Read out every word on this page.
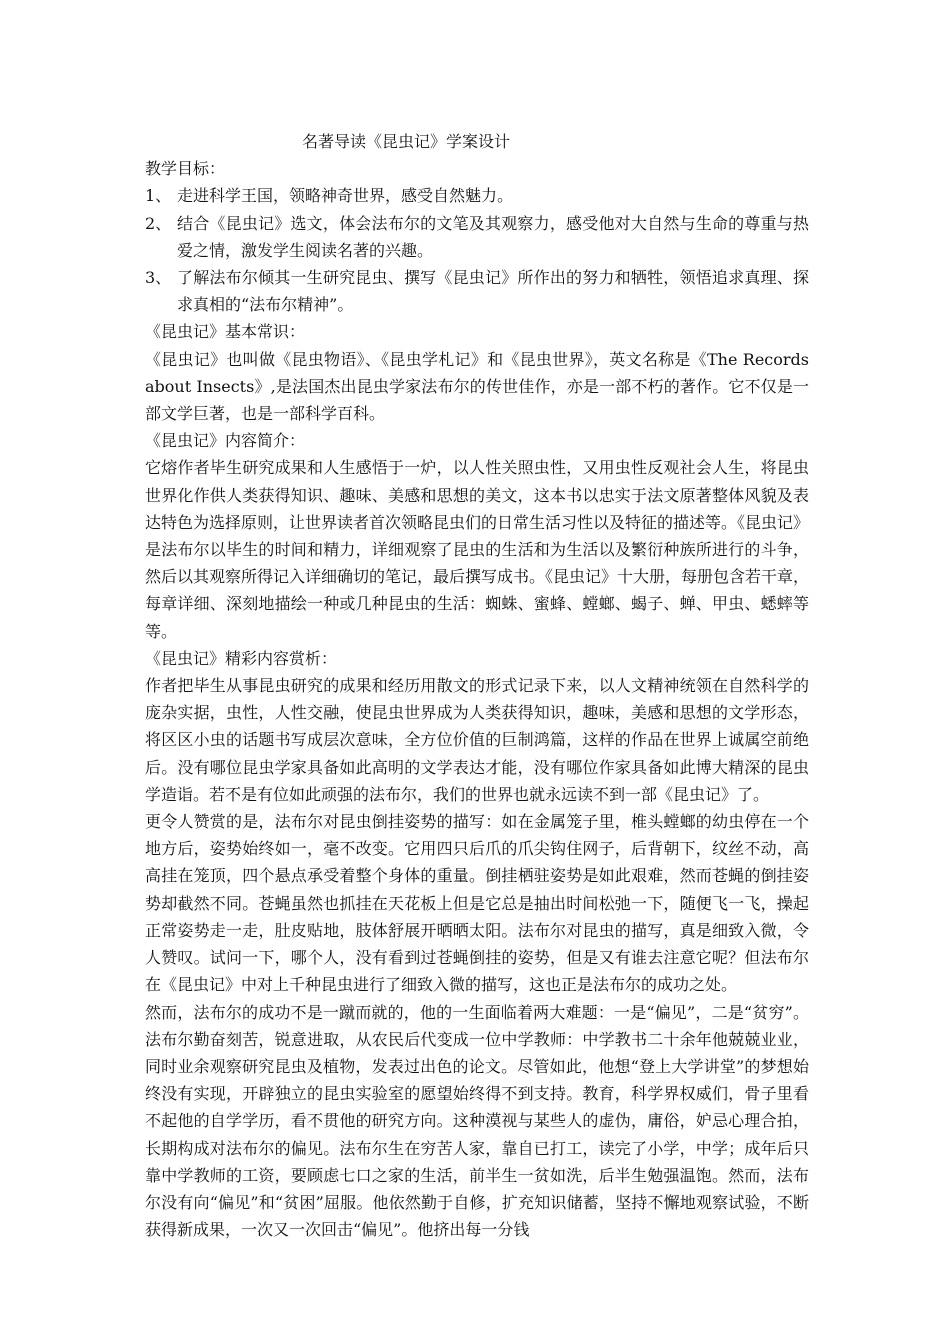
名著导读《昆虫记》学案设计
教学目标：
1、 走进科学王国，领略神奇世界，感受自然魅力。
2、 结合《昆虫记》选文，体会法布尔的文笔及其观察力，感受他对大自然与生命的尊重与热爱之情，激发学生阅读名著的兴趣。
3、 了解法布尔倾其一生研究昆虫、撰写《昆虫记》所作出的努力和牺牲，领悟追求真理、探求真相的“法布尔精神”。
《昆虫记》基本常识：
《昆虫记》也叫做《昆虫物语》、《昆虫学札记》和《昆虫世界》，英文名称是《The Records about Insects》,是法国杰出昆虫学家法布尔的传世佳作，亦是一部不朽的著作。它不仅是一部文学巨著，也是一部科学百科。
《昆虫记》内容简介：
它熔作者毕生研究成果和人生感悟于一炉，以人性关照虫性，又用虫性反观社会人生，将昆虫世界化作供人类获得知识、趣味、美感和思想的美文，这本书以忠实于法文原著整体风貌及表达特色为选择原则，让世界读者首次领略昆虫们的日常生活习性以及特征的描述等。《昆虫记》是法布尔以毕生的时间和精力，详细观察了昆虫的生活和为生活以及繁衍种族所进行的斗争，然后以其观察所得记入详细确切的笔记，最后撰写成书。《昆虫记》十大册，每册包含若干章，每章详细、深刻地描绘一种或几种昆虫的生活：蜘蛛、蜜蜂、螳螂、蝎子、蝉、甲虫、蟋蟀等等。
《昆虫记》精彩内容赏析：
作者把毕生从事昆虫研究的成果和经历用散文的形式记录下来，以人文精神统领在自然科学的庞杂实据，虫性，人性交融，使昆虫世界成为人类获得知识，趣味，美感和思想的文学形态，将区区小虫的话题书写成层次意味，全方位价值的巨制鸿篇，这样的作品在世界上诚属空前绝后。没有哪位昆虫学家具备如此高明的文学表达才能，没有哪位作家具备如此博大精深的昆虫学造诣。若不是有位如此顽强的法布尔，我们的世界也就永远读不到一部《昆虫记》了。
更令人赞赏的是，法布尔对昆虫倒挂姿势的描写：如在金属笼子里，椎头螳螂的幼虫停在一个地方后，姿势始终如一，毫不改变。它用四只后爪的爪尖钩住网子，后背朝下，纹丝不动，高高挂在笼顶，四个悬点承受着整个身体的重量。倒挂栖驻姿势是如此艰难，然而苍蝇的倒挂姿势却截然不同。苍蝇虽然也抓挂在天花板上但是它总是抽出时间松弛一下，随便飞一飞，操起正常姿势走一走，肚皮贴地，肢体舒展开晒晒太阳。法布尔对昆虫的描写，真是细致入微，令人赞叹。试问一下，哪个人，没有看到过苍蝇倒挂的姿势，但是又有谁去注意它呢？但法布尔在《昆虫记》中对上千种昆虫进行了细致入微的描写，这也正是法布尔的成功之处。
然而，法布尔的成功不是一蹴而就的，他的一生面临着两大难题：一是“偏见”，二是“贫穷”。法布尔勤奋刻苦，锐意进取，从农民后代变成一位中学教师：中学教书二十余年他兢兢业业，同时业余观察研究昆虫及植物，发表过出色的论文。尽管如此，他想“登上大学讲堂”的梦想始终没有实现，开辟独立的昆虫实验室的愿望始终得不到支持。教育，科学界权威们，骨子里看不起他的自学学历，看不贯他的研究方向。这种漠视与某些人的虚伪，庸俗，妒忌心理合拍，长期构成对法布尔的偏见。法布尔生在穷苦人家，靠自已打工，读完了小学，中学；成年后只靠中学教师的工资，要顾虑七口之家的生活，前半生一贫如洗，后半生勉强温饱。然而，法布尔没有向“偏见”和“贫困”屈服。他依然勤于自修，扩充知识储蓄，坚持不懈地观察试验，不断获得新成果，一次又一次回击“偏见”。他挤出每一分钱
